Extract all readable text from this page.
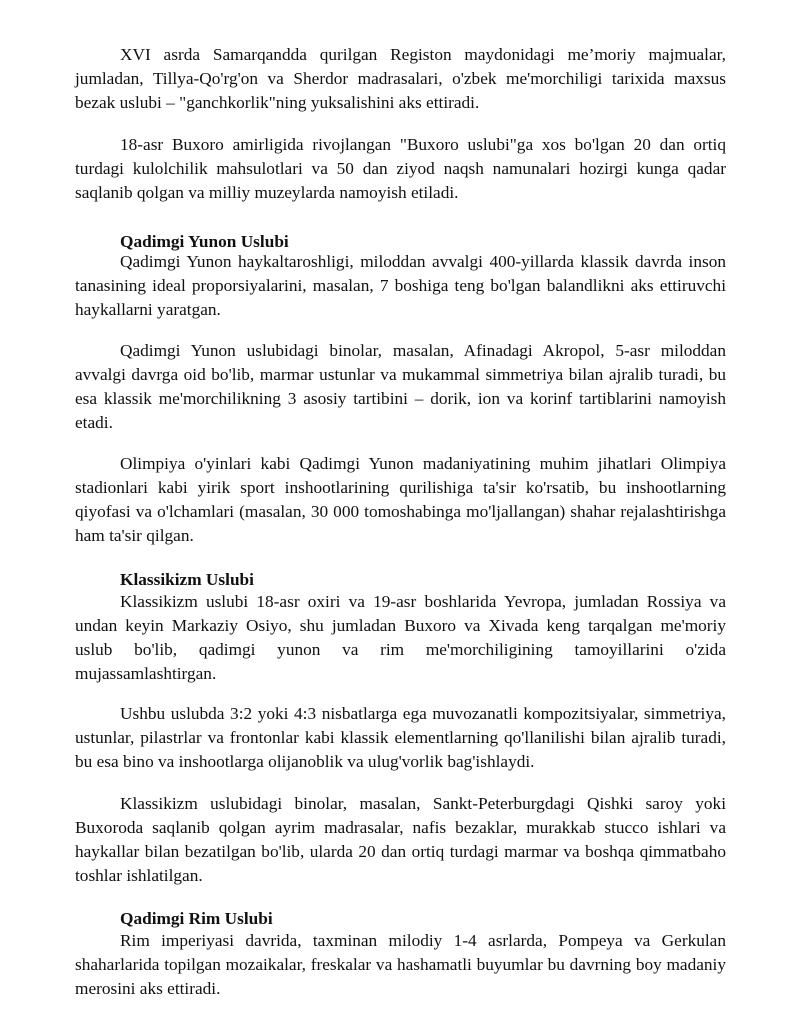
XVI asrda Samarqandda qurilgan Registon maydonidagi me’moriy majmualar, jumladan, Tillya-Qo'rg'on va Sherdor madrasalari, o'zbek me'morchiligi tarixida maxsus bezak uslubi – "ganchkorlik"ning yuksalishini aks ettiradi.

18-asr Buxoro amirligida rivojlangan "Buxoro uslubi"ga xos bo'lgan 20 dan ortiq turdagi kulolchilik mahsulotlari va 50 dan ziyod naqsh namunalari hozirgi kunga qadar saqlanib qolgan va milliy muzeylarda namoyish etiladi.

Qadimgi Yunon Uslubi

Qadimgi Yunon haykaltaroshligi, miloddan avvalgi 400-yillarda klassik davrda inson tanasining ideal proporsiyalarini, masalan, 7 boshiga teng bo'lgan balandlikni aks ettiruvchi haykallarni yaratgan.

Qadimgi Yunon uslubidagi binolar, masalan, Afinadagi Akropol, 5-asr miloddan avvalgi davrga oid bo'lib, marmar ustunlar va mukammal simmetriya bilan ajralib turadi, bu esa klassik me'morchilikning 3 asosiy tartibini – dorik, ion va korinf tartiblarini namoyish etadi.

Olimpiya o'yinlari kabi Qadimgi Yunon madaniyatining muhim jihatlari Olimpiya stadionlari kabi yirik sport inshootlarining qurilishiga ta'sir ko'rsatib, bu inshootlarning qiyofasi va o'lchamlari (masalan, 30 000 tomoshabinga mo'ljallangan) shahar rejalashtirishga ham ta'sir qilgan.

Klassikizm Uslubi

Klassikizm uslubi 18-asr oxiri va 19-asr boshlarida Yevropa, jumladan Rossiya va undan keyin Markaziy Osiyo, shu jumladan Buxoro va Xivada keng tarqalgan me'moriy uslub bo'lib, qadimgi yunon va rim me'morchiligining tamoyillarini o'zida mujassamlashtirgan.

Ushbu uslubda 3:2 yoki 4:3 nisbatlarga ega muvozanatli kompozitsiyalar, simmetriya, ustunlar, pilastrlar va frontonlar kabi klassik elementlarning qo'llanilishi bilan ajralib turadi, bu esa bino va inshootlarga olijanoblik va ulug'vorlik bag'ishlaydi.

Klassikizm uslubidagi binolar, masalan, Sankt-Peterburgdagi Qishki saroy yoki Buxoroda saqlanib qolgan ayrim madrasalar, nafis bezaklar, murakkab stucco ishlari va haykallar bilan bezatilgan bo'lib, ularda 20 dan ortiq turdagi marmar va boshqa qimmatbaho toshlar ishlatilgan.

Qadimgi Rim Uslubi

Rim imperiyasi davrida, taxminan milodiy 1-4 asrlarda, Pompeya va Gerkulan shaharlarida topilgan mozaikalar, freskalar va hashamatli buyumlar bu davrning boy madaniy merosini aks ettiradi.
